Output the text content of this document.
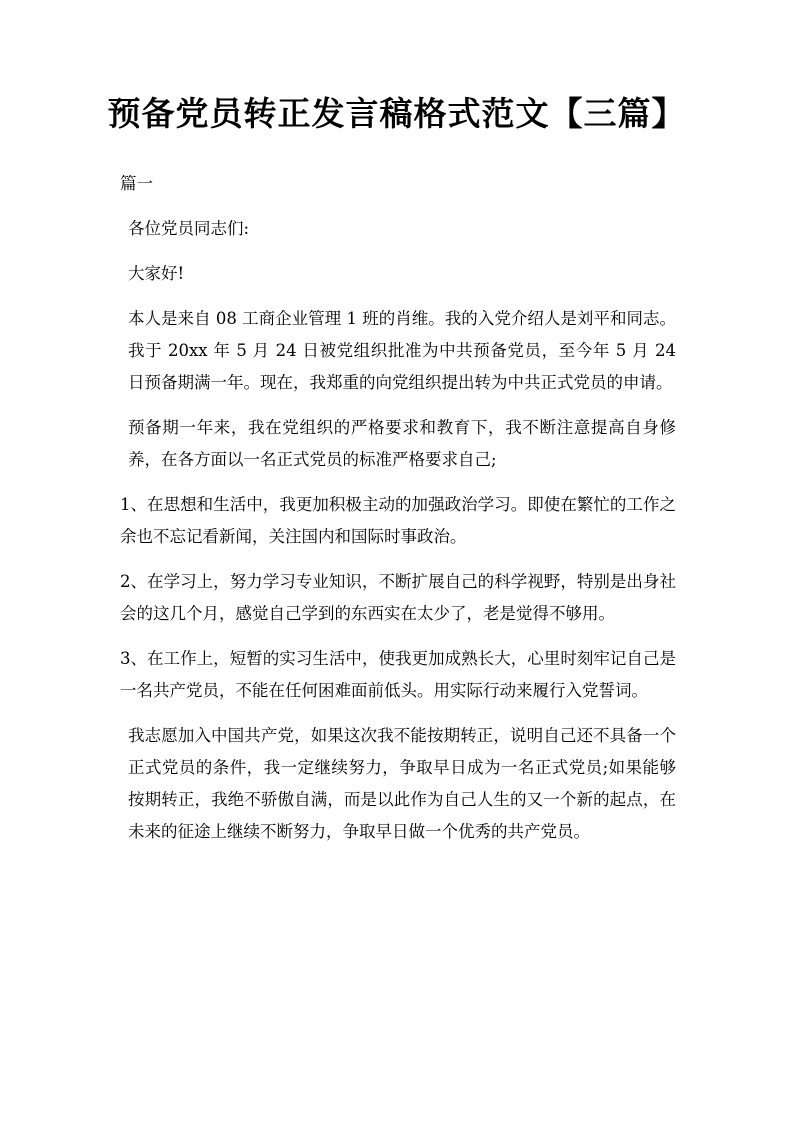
预备党员转正发言稿格式范文【三篇】

篇一

各位党员同志们:

大家好!

本人是来自 08 工商企业管理 1 班的肖维。我的入党介绍人是刘平和同志。我于 20xx 年 5 月 24 日被党组织批准为中共预备党员，至今年 5 月 24 日预备期满一年。现在，我郑重的向党组织提出转为中共正式党员的申请。

预备期一年来，我在党组织的严格要求和教育下，我不断注意提高自身修养，在各方面以一名正式党员的标准严格要求自己;

1、在思想和生活中，我更加积极主动的加强政治学习。即使在繁忙的工作之余也不忘记看新闻，关注国内和国际时事政治。

2、在学习上，努力学习专业知识，不断扩展自己的科学视野，特别是出身社会的这几个月，感觉自己学到的东西实在太少了，老是觉得不够用。

3、在工作上，短暂的实习生活中，使我更加成熟长大，心里时刻牢记自己是一名共产党员，不能在任何困难面前低头。用实际行动来履行入党誓词。

我志愿加入中国共产党，如果这次我不能按期转正，说明自己还不具备一个正式党员的条件，我一定继续努力，争取早日成为一名正式党员;如果能够按期转正，我绝不骄傲自满，而是以此作为自己人生的又一个新的起点，在未来的征途上继续不断努力，争取早日做一个优秀的共产党员。
